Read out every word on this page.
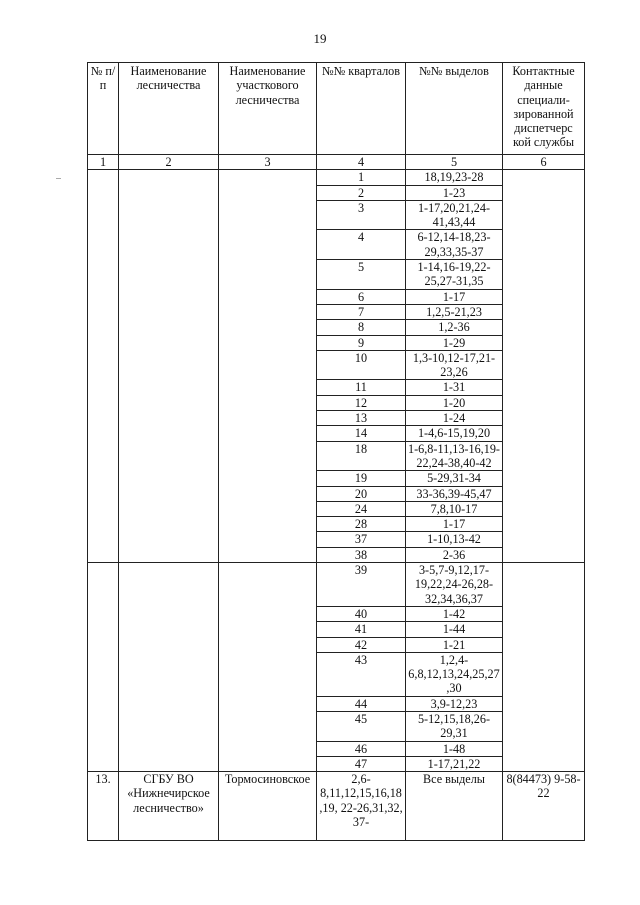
19
№ п/п	Наименование лесничества	Наименование участкового лесничества	№№ кварталов	№№ выделов	Контактные данные специали-зированной диспетчерс кой службы
1	2	3	4	5	6
			1	18,19,23-28	
			2	1-23	
			3	1-17,20,21,24-41,43,44	
			4	6-12,14-18,23-29,33,35-37	
			5	1-14,16-19,22-25,27-31,35	
			6	1-17	
			7	1,2,5-21,23	
			8	1,2-36	
			9	1-29	
			10	1,3-10,12-17,21-23,26	
			11	1-31	
			12	1-20	
			13	1-24	
			14	1-4,6-15,19,20	
			18	1-6,8-11,13-16,19-22,24-38,40-42	
			19	5-29,31-34	
			20	33-36,39-45,47	
			24	7,8,10-17	
			28	1-17	
			37	1-10,13-42	
			38	2-36	
			39	3-5,7-9,12,17-19,22,24-26,28-32,34,36,37	
			40	1-42	
			41	1-44	
			42	1-21	
			43	1,2,4-6,8,12,13,24,25,27,30	
			44	3,9-12,23	
			45	5-12,15,18,26-29,31	
			46	1-48	
			47	1-17,21,22	
13.	СГБУ ВО «Нижнечирское лесничество»	Тормосиновское	2,6-8,11,12,15,16,18,19, 22-26,31,32, 37-	Все выделы	8(84473) 9-58-22
